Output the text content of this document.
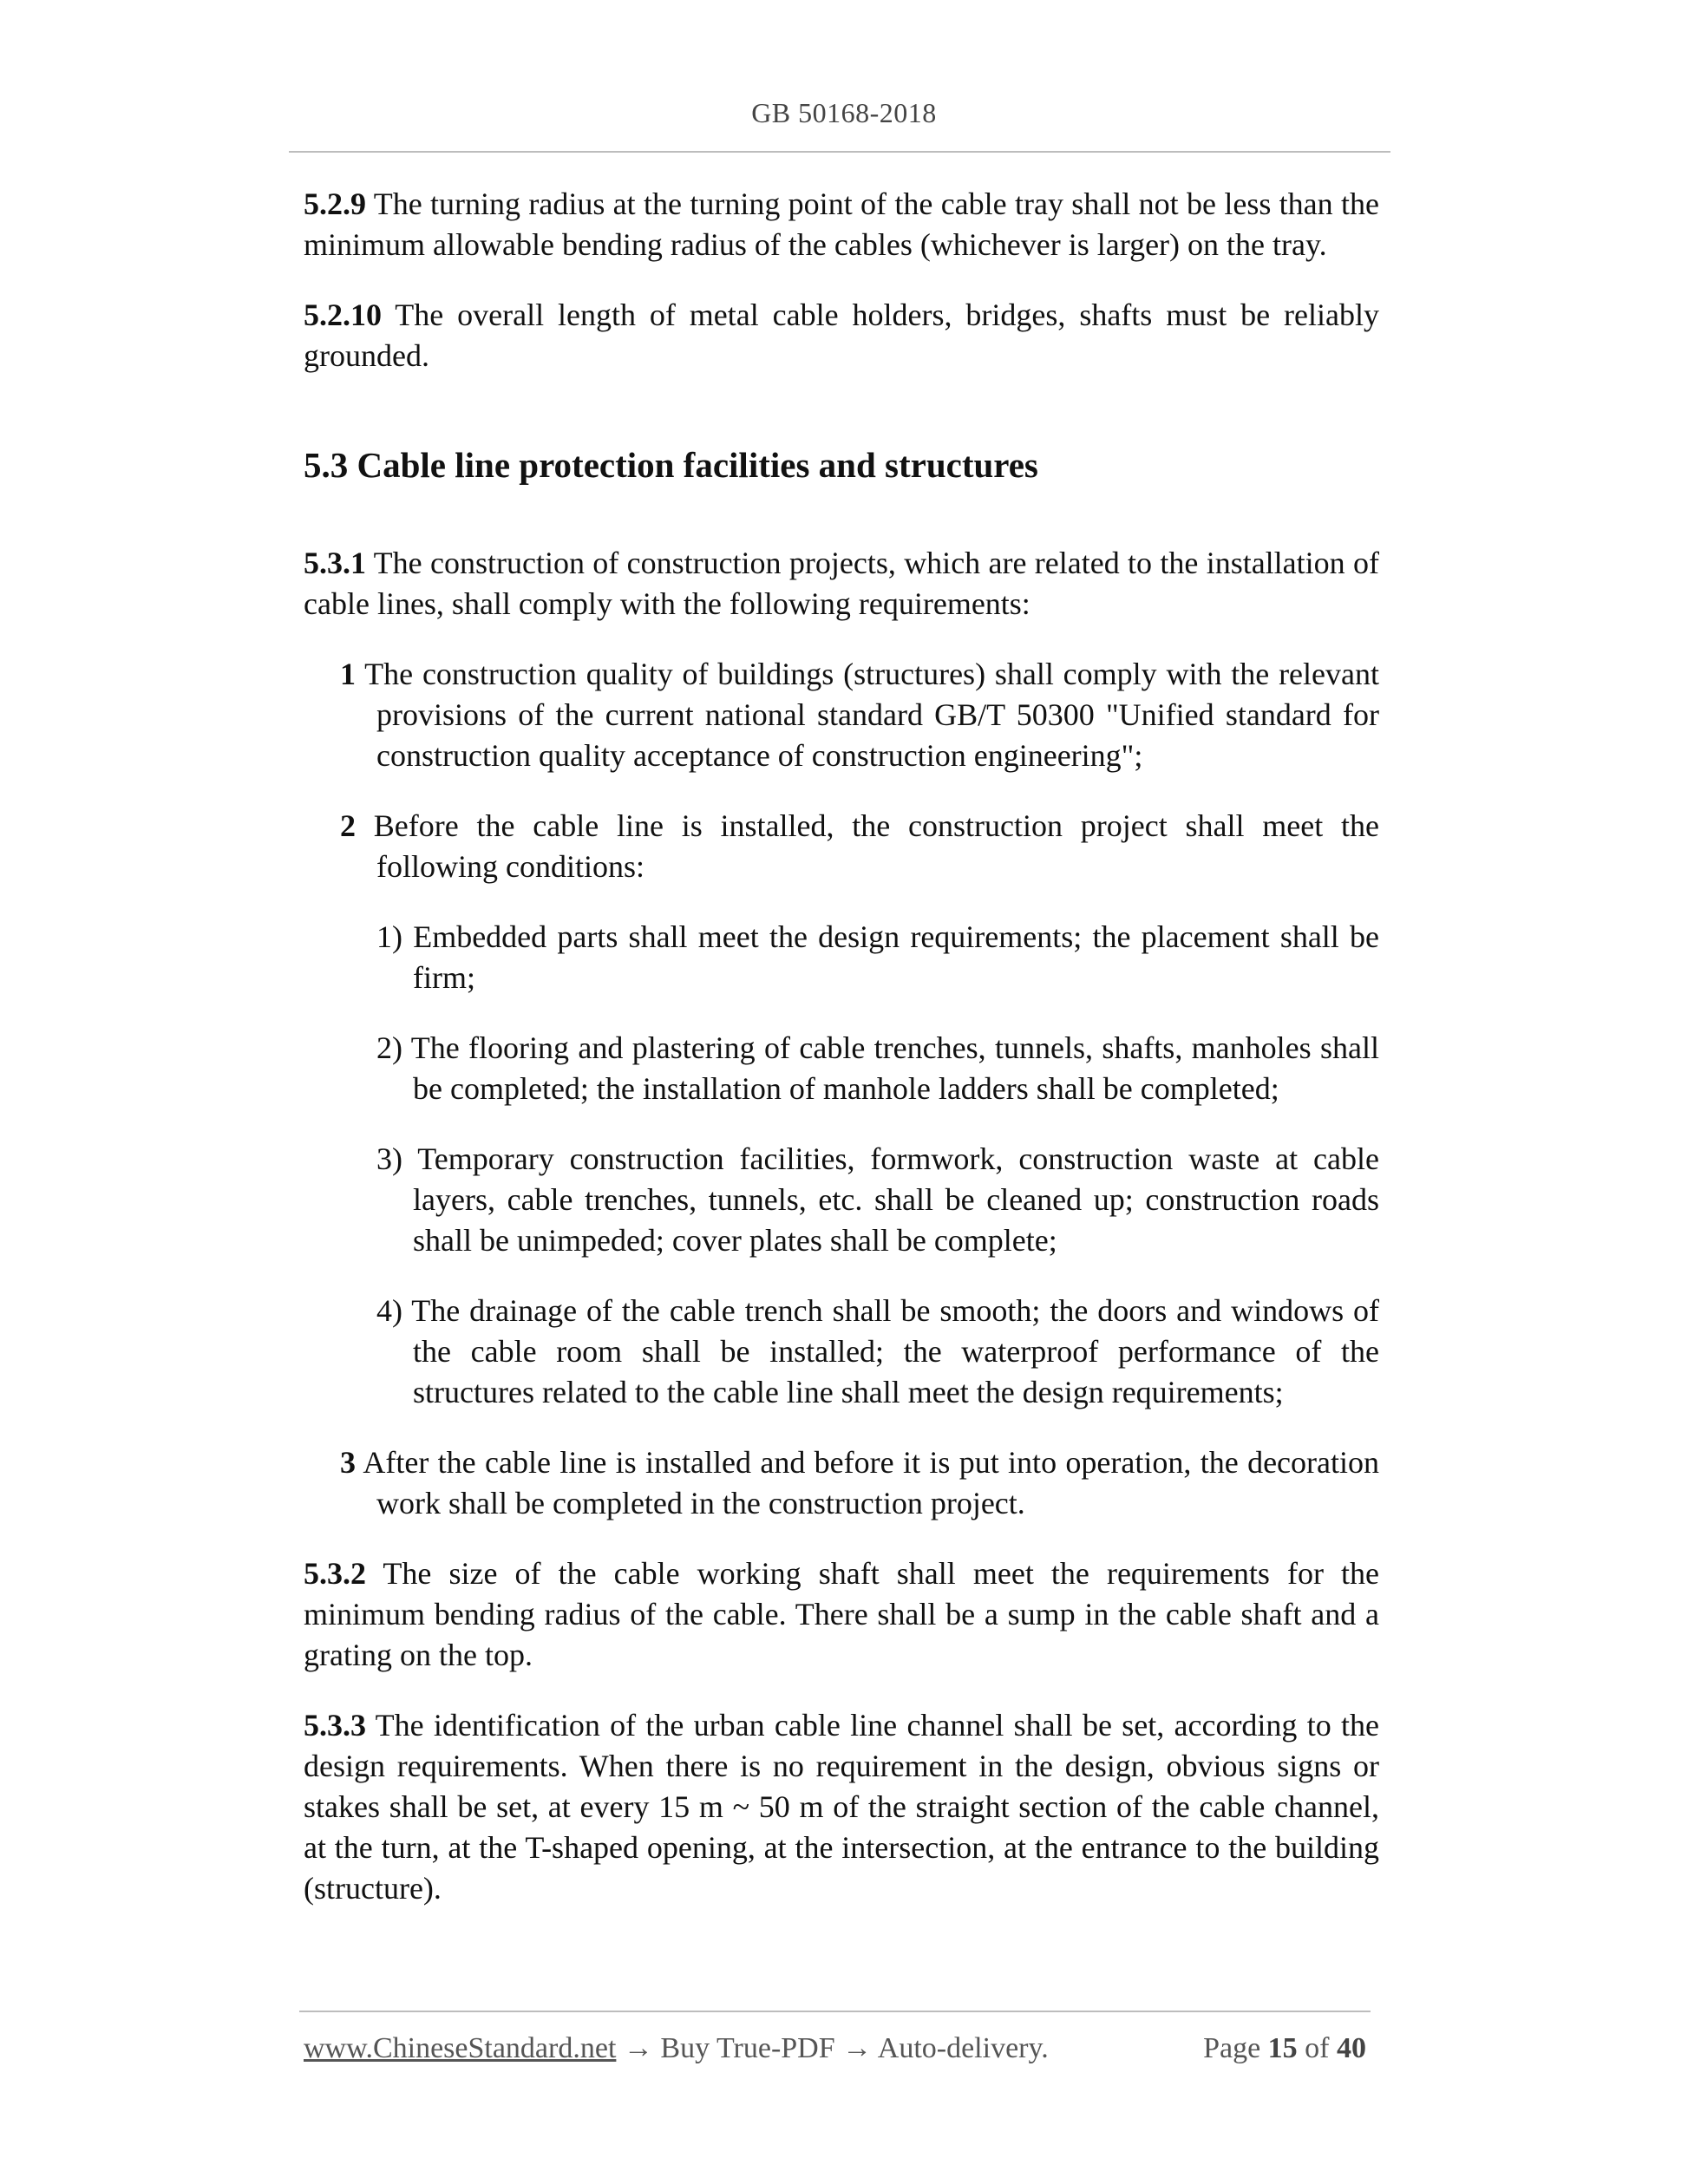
GB 50168-2018

5.2.9 The turning radius at the turning point of the cable tray shall not be less than the minimum allowable bending radius of the cables (whichever is larger) on the tray.

5.2.10 The overall length of metal cable holders, bridges, shafts must be reliably grounded.

5.3 Cable line protection facilities and structures

5.3.1 The construction of construction projects, which are related to the installation of cable lines, shall comply with the following requirements:

1 The construction quality of buildings (structures) shall comply with the relevant provisions of the current national standard GB/T 50300 "Unified standard for construction quality acceptance of construction engineering";

2 Before the cable line is installed, the construction project shall meet the following conditions:

1) Embedded parts shall meet the design requirements; the placement shall be firm;

2) The flooring and plastering of cable trenches, tunnels, shafts, manholes shall be completed; the installation of manhole ladders shall be completed;

3) Temporary construction facilities, formwork, construction waste at cable layers, cable trenches, tunnels, etc. shall be cleaned up; construction roads shall be unimpeded; cover plates shall be complete;

4) The drainage of the cable trench shall be smooth; the doors and windows of the cable room shall be installed; the waterproof performance of the structures related to the cable line shall meet the design requirements;

3 After the cable line is installed and before it is put into operation, the decoration work shall be completed in the construction project.

5.3.2 The size of the cable working shaft shall meet the requirements for the minimum bending radius of the cable. There shall be a sump in the cable shaft and a grating on the top.

5.3.3 The identification of the urban cable line channel shall be set, according to the design requirements. When there is no requirement in the design, obvious signs or stakes shall be set, at every 15 m ~ 50 m of the straight section of the cable channel, at the turn, at the T-shaped opening, at the intersection, at the entrance to the building (structure).

www.ChineseStandard.net → Buy True-PDF → Auto-delivery.	Page 15 of 40
